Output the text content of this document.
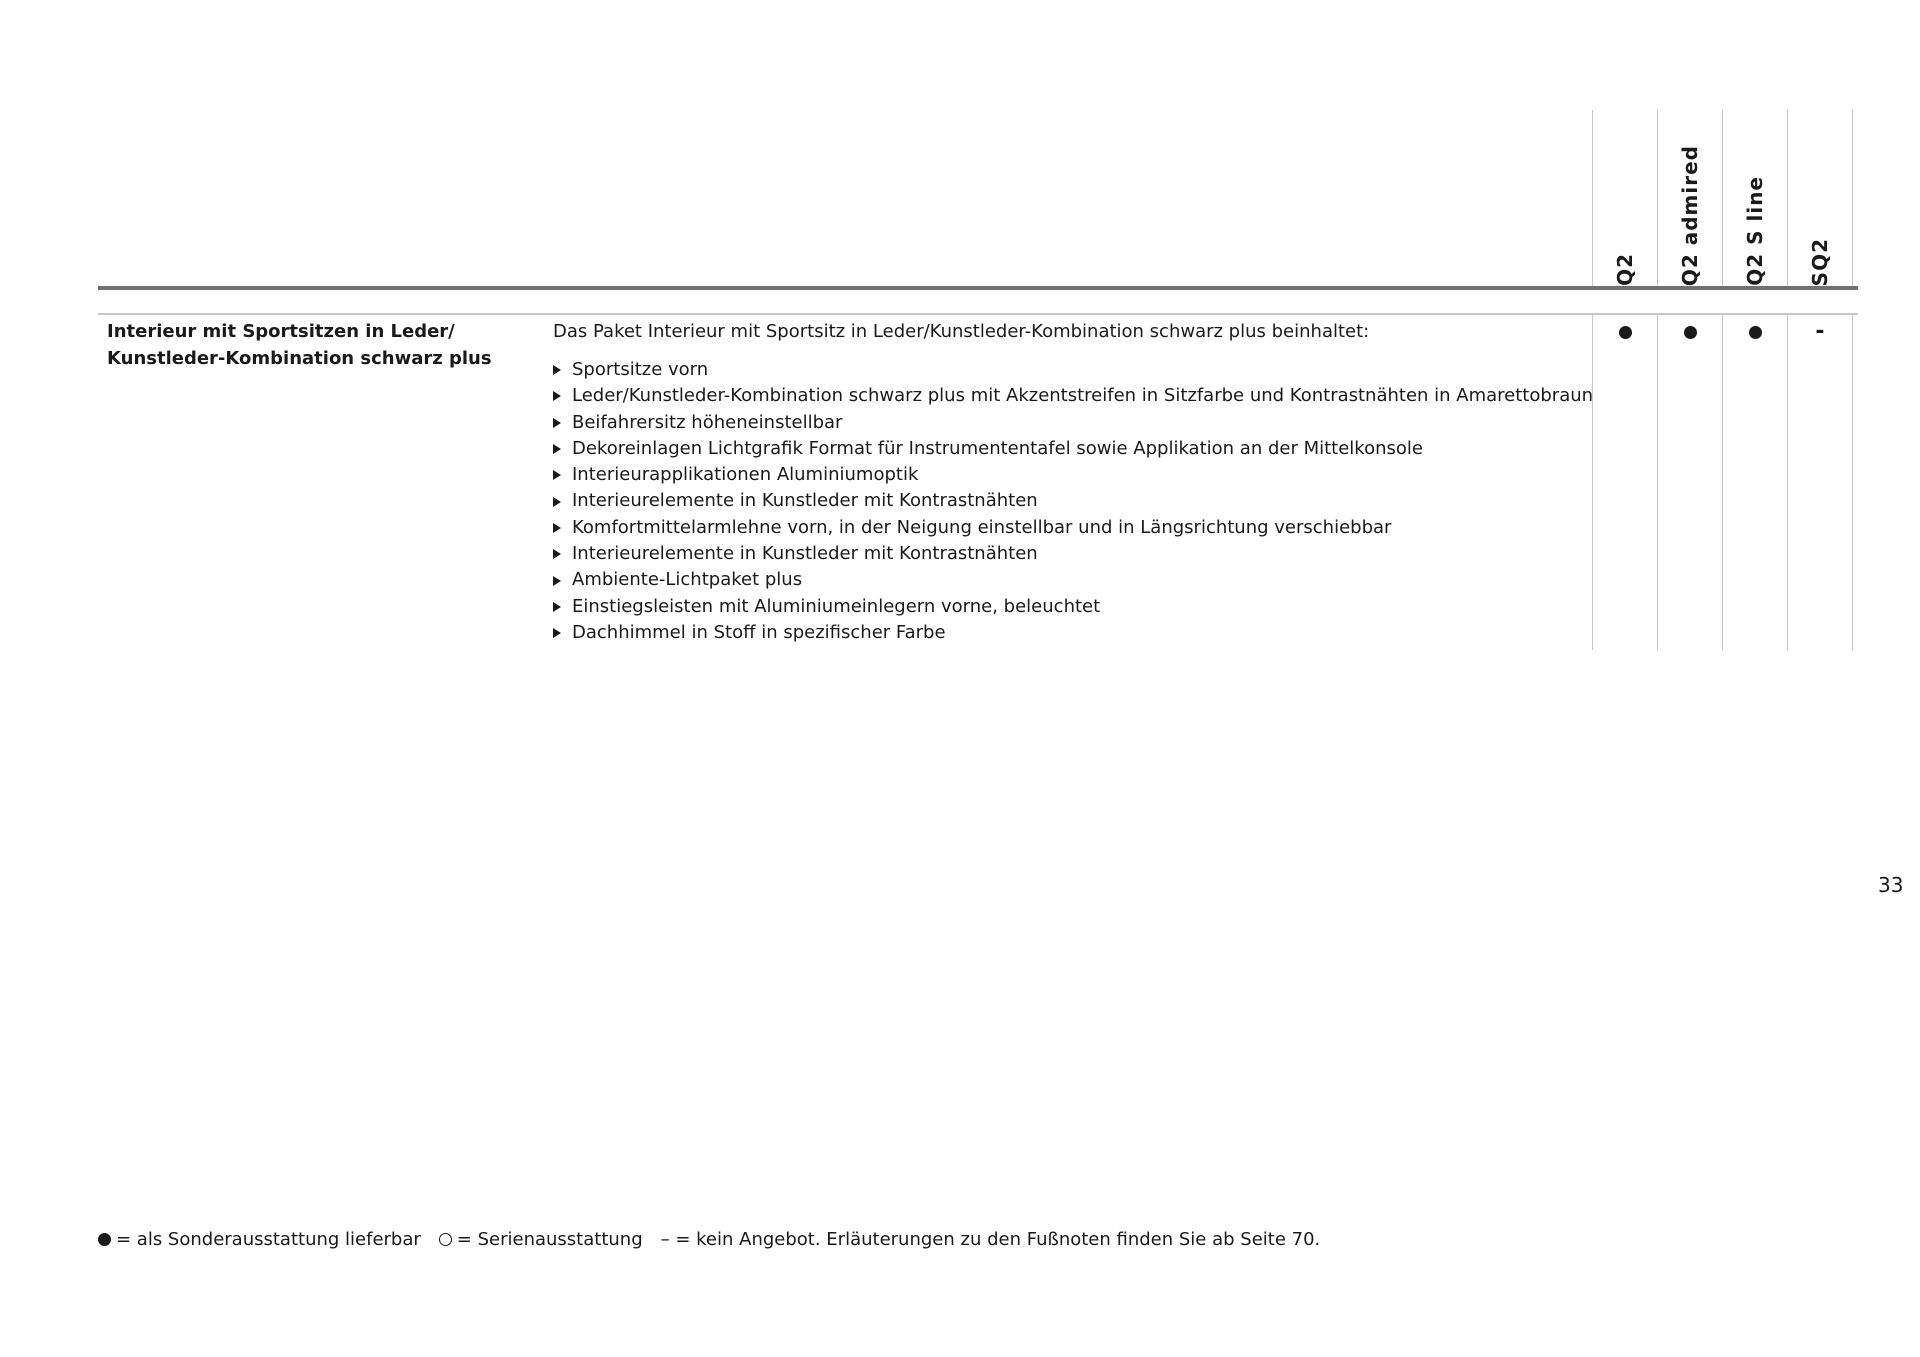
Q2 Q2 admired Q2 S line SQ2
Interieur mit Sportsitzen in Leder/
Kunstleder-Kombination schwarz plus
Das Paket Interieur mit Sportsitz in Leder/Kunstleder-Kombination schwarz plus beinhaltet:
Sportsitze vorn
Leder/Kunstleder-Kombination schwarz plus mit Akzentstreifen in Sitzfarbe und Kontrastnähten in Amarettobraun
Beifahrersitz höheneinstellbar
Dekoreinlagen Lichtgrafik Format für Instrumententafel sowie Applikation an der Mittelkonsole
Interieurapplikationen Aluminiumoptik
Interieurelemente in Kunstleder mit Kontrastnähten
Komfortmittelarmlehne vorn, in der Neigung einstellbar und in Längsrichtung verschiebbar
Interieurelemente in Kunstleder mit Kontrastnähten
Ambiente-Lichtpaket plus
Einstiegsleisten mit Aluminiumeinlegern vorne, beleuchtet
Dachhimmel in Stoff in spezifischer Farbe
-
33
= als Sonderausstattung lieferbar = Serienausstattung – = kein Angebot. Erläuterungen zu den Fußnoten finden Sie ab Seite 70.
